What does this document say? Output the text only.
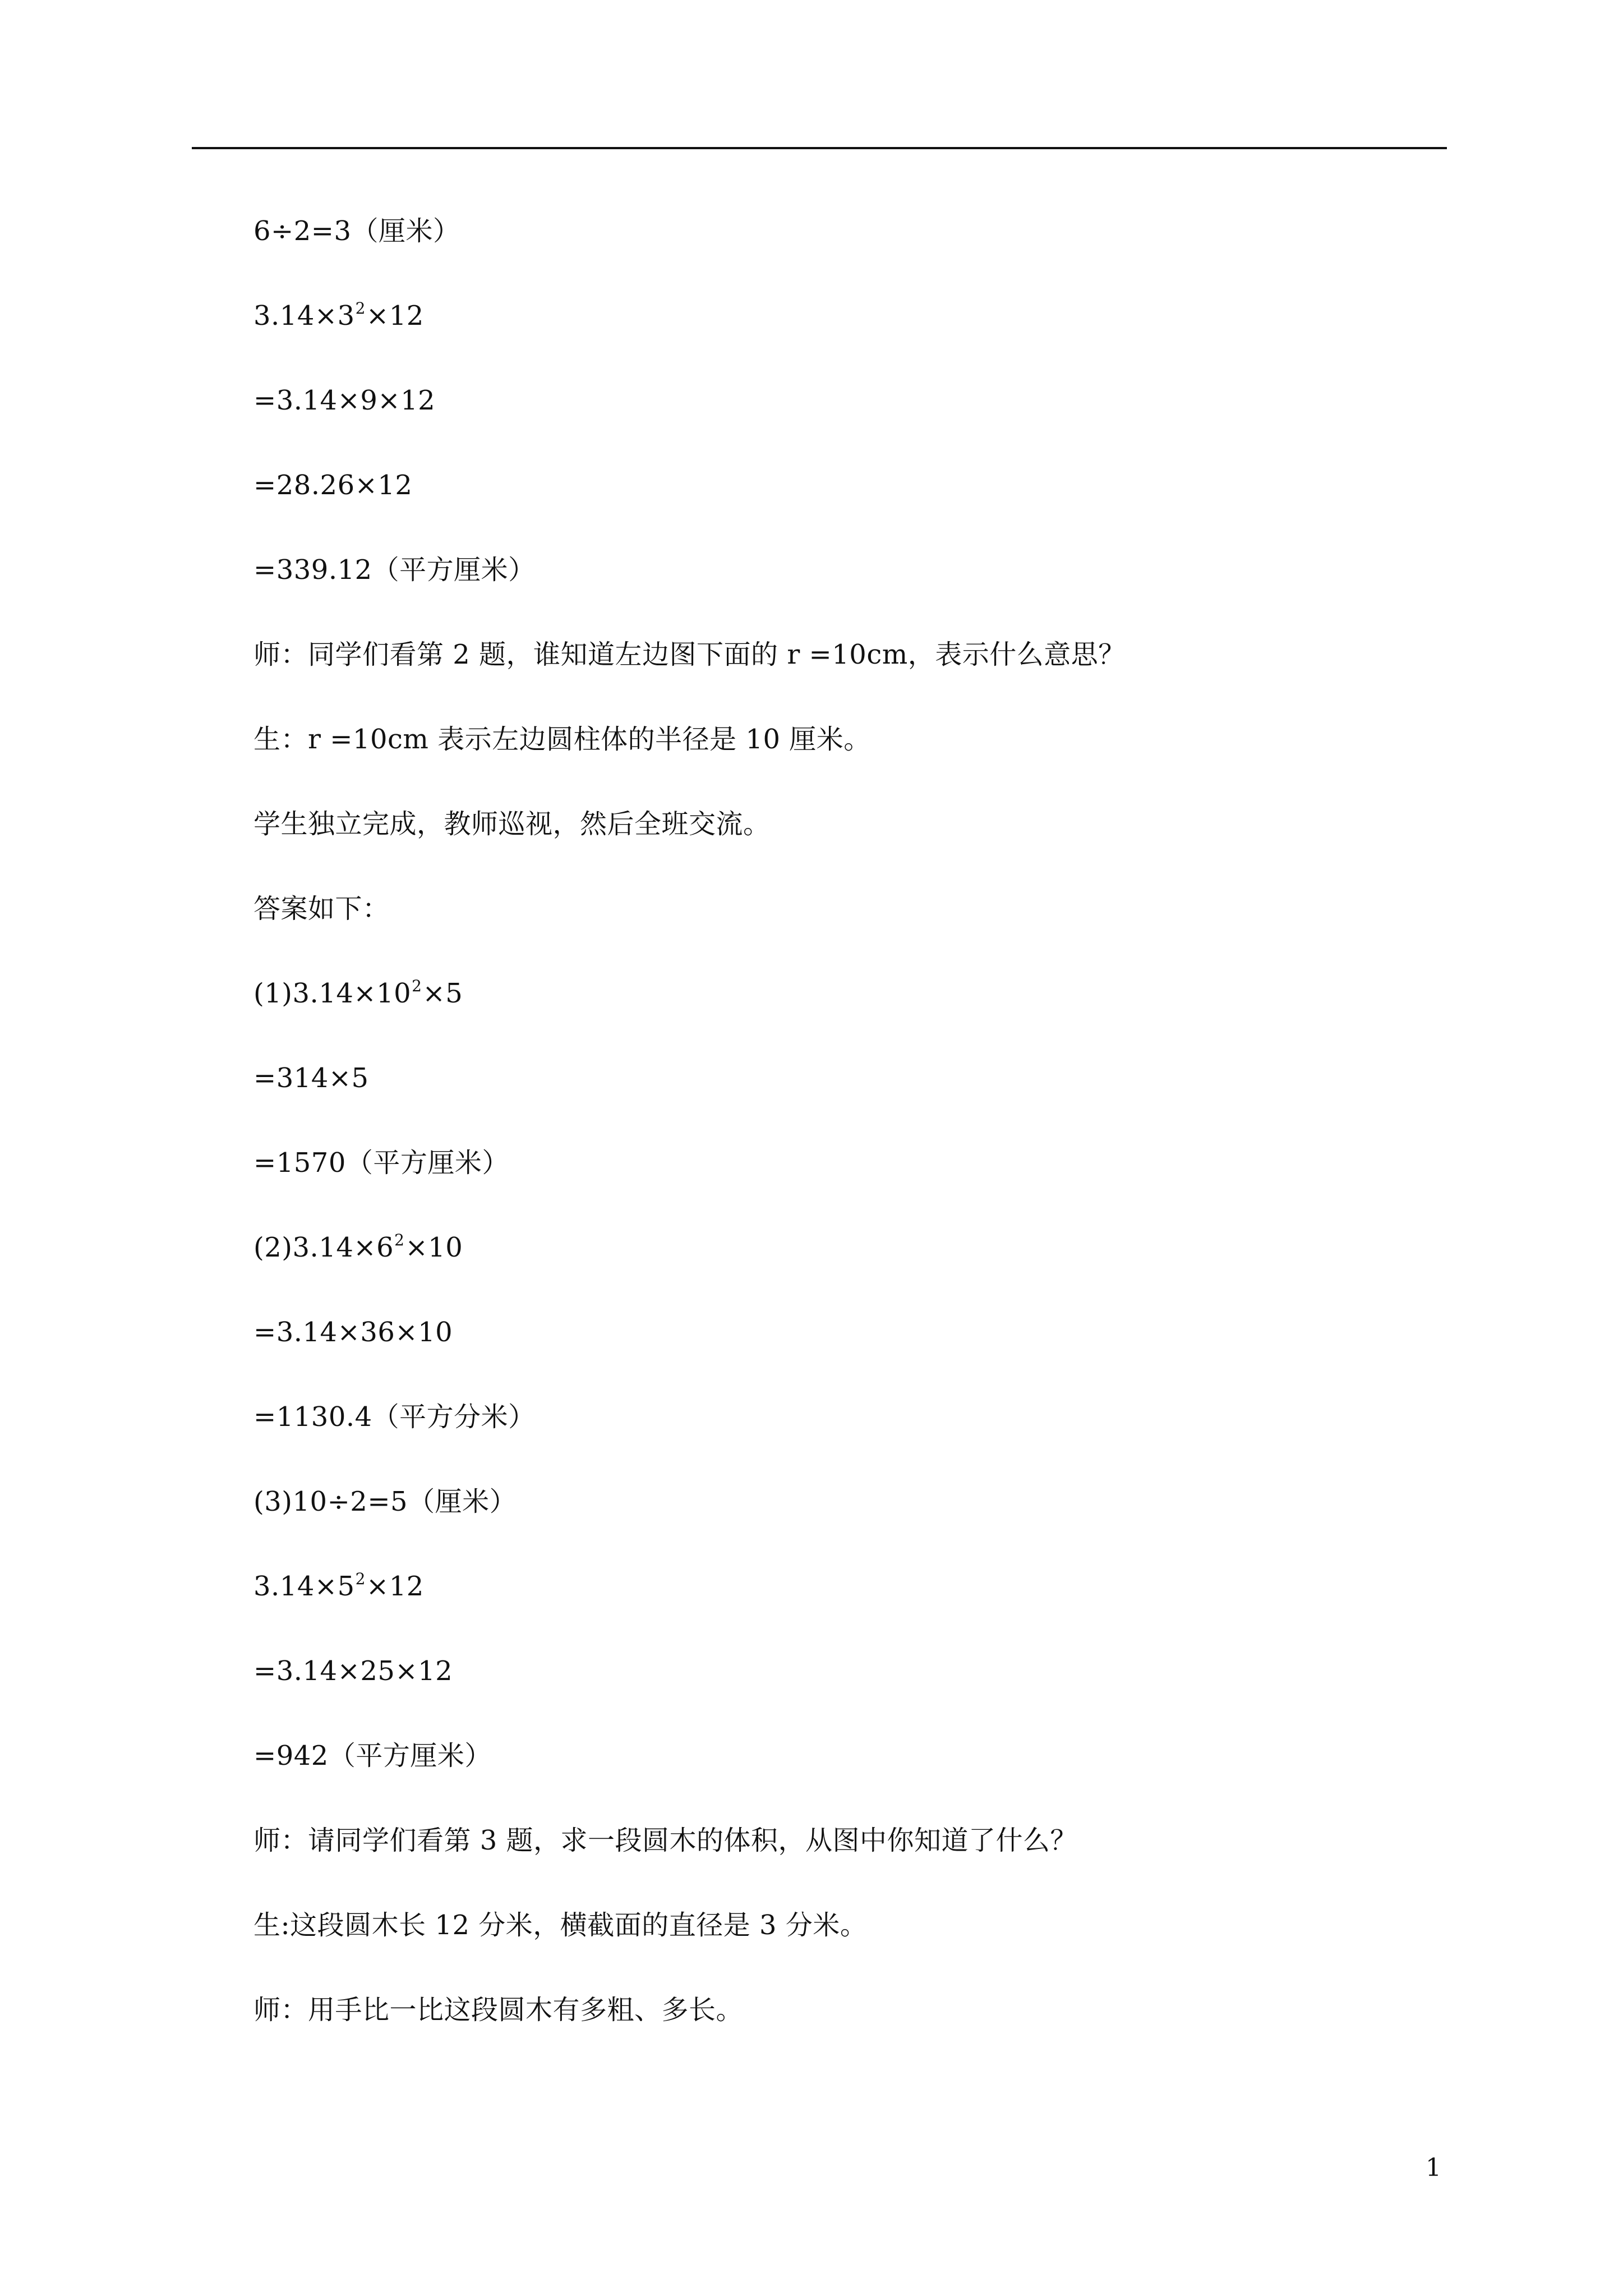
6÷2=3（厘米）
$3.14\times 3^2\times 12$
=3.14×9×12
=28.26×12
=339.12（平方厘米）
师：同学们看第 2 题，谁知道左边图下面的 r =10cm，表示什么意思？
生：r =10cm 表示左边圆柱体的半径是 10 厘米。
学生独立完成，教师巡视，然后全班交流。
答案如下：
$(1)3.14\times 10^2\times 5$
=314×5
=1570（平方厘米）
$(2)3.14\times 6^2\times 10$
=3.14×36×10
=1130.4（平方分米）
(3)10÷2=5（厘米）
$3.14\times 5^2\times 12$
=3.14×25×12
=942（平方厘米）
师：请同学们看第 3 题，求一段圆木的体积，从图中你知道了什么？
生:这段圆木长 12 分米，横截面的直径是 3 分米。
师：用手比一比这段圆木有多粗、多长。
1
